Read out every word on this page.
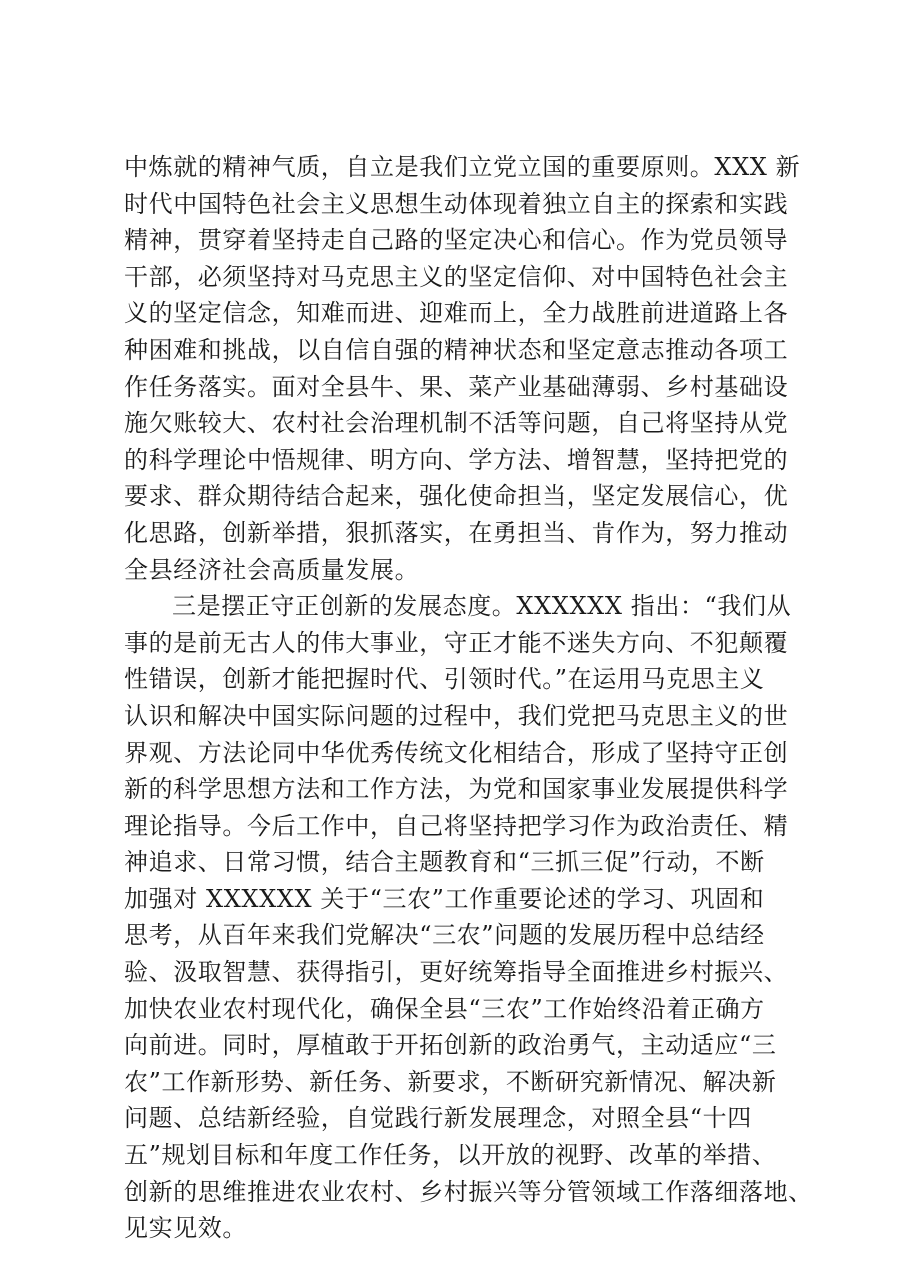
中炼就的精神气质，自立是我们立党立国的重要原则。XXX 新
时代中国特色社会主义思想生动体现着独立自主的探索和实践
精神，贯穿着坚持走自己路的坚定决心和信心。作为党员领导
干部，必须坚持对马克思主义的坚定信仰、对中国特色社会主
义的坚定信念，知难而进、迎难而上，全力战胜前进道路上各
种困难和挑战，以自信自强的精神状态和坚定意志推动各项工
作任务落实。面对全县牛、果、菜产业基础薄弱、乡村基础设
施欠账较大、农村社会治理机制不活等问题，自己将坚持从党
的科学理论中悟规律、明方向、学方法、增智慧，坚持把党的
要求、群众期待结合起来，强化使命担当，坚定发展信心，优
化思路，创新举措，狠抓落实，在勇担当、肯作为，努力推动
全县经济社会高质量发展。
三是摆正守正创新的发展态度。XXXXXX 指出：“我们从
事的是前无古人的伟大事业，守正才能不迷失方向、不犯颠覆
性错误，创新才能把握时代、引领时代。”在运用马克思主义
认识和解决中国实际问题的过程中，我们党把马克思主义的世
界观、方法论同中华优秀传统文化相结合，形成了坚持守正创
新的科学思想方法和工作方法，为党和国家事业发展提供科学
理论指导。今后工作中，自己将坚持把学习作为政治责任、精
神追求、日常习惯，结合主题教育和“三抓三促”行动，不断
加强对 XXXXXX 关于“三农”工作重要论述的学习、巩固和
思考，从百年来我们党解决“三农”问题的发展历程中总结经
验、汲取智慧、获得指引，更好统筹指导全面推进乡村振兴、
加快农业农村现代化，确保全县“三农”工作始终沿着正确方
向前进。同时，厚植敢于开拓创新的政治勇气，主动适应“三
农”工作新形势、新任务、新要求，不断研究新情况、解决新
问题、总结新经验，自觉践行新发展理念，对照全县“十四
五”规划目标和年度工作任务，以开放的视野、改革的举措、
创新的思维推进农业农村、乡村振兴等分管领域工作落细落地、
见实见效。
